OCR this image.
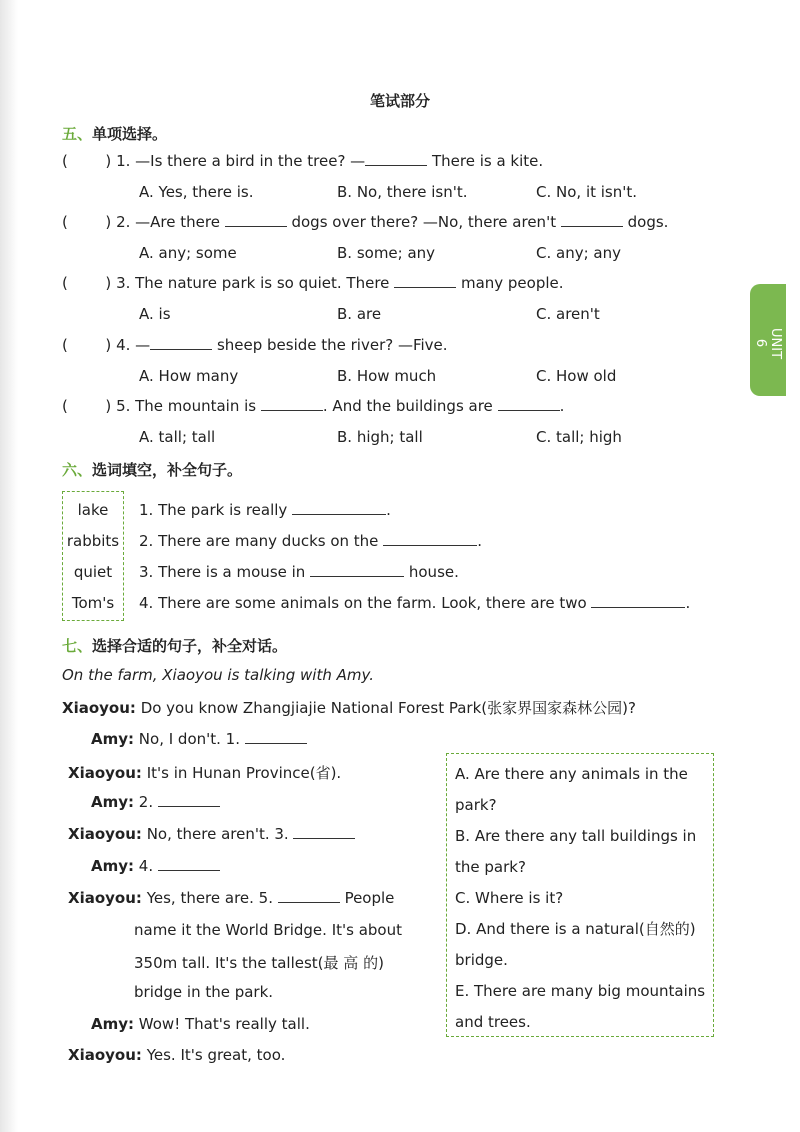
笔试部分
五、单项选择。
(	) 1. —Is there a bird in the tree? —	There is a kite.
A. Yes, there is.	B. No, there isn't.	C. No, it isn't.
(	) 2. —Are there	dogs over there? —No, there aren't	dogs.
A. any; some	B. some; any	C. any; any
(	) 3. The nature park is so quiet. There	many people.
A. is	B. are	C. aren't
(	) 4. —	sheep beside the river? —Five.
A. How many	B. How much	C. How old
(	) 5. The mountain is	. And the buildings are	.
A. tall; tall	B. high; tall	C. tall; high
六、选词填空，补全句子。
lake
rabbits
quiet
Tom's
1. The park is really	.
2. There are many ducks on the	.
3. There is a mouse in	house.
4. There are some animals on the farm. Look, there are two	.
七、选择合适的句子，补全对话。
On the farm, Xiaoyou is talking with Amy.
Xiaoyou: Do you know Zhangjiajie National Forest Park(张家界国家森林公园)?
Amy: No, I don't. 1.
Xiaoyou: It's in Hunan Province(省).
Amy: 2.
Xiaoyou: No, there aren't. 3.
Amy: 4.
Xiaoyou: Yes, there are. 5.	People
name it the World Bridge. It's about
350m tall. It's the tallest(最 高 的)
bridge in the park.
Amy: Wow! That's really tall.
Xiaoyou: Yes. It's great, too.
A. Are there any animals in the park?
B. Are there any tall buildings in the park?
C. Where is it?
D. And there is a natural(自然的) bridge.
E. There are many big mountains and trees.
UNIT 6
